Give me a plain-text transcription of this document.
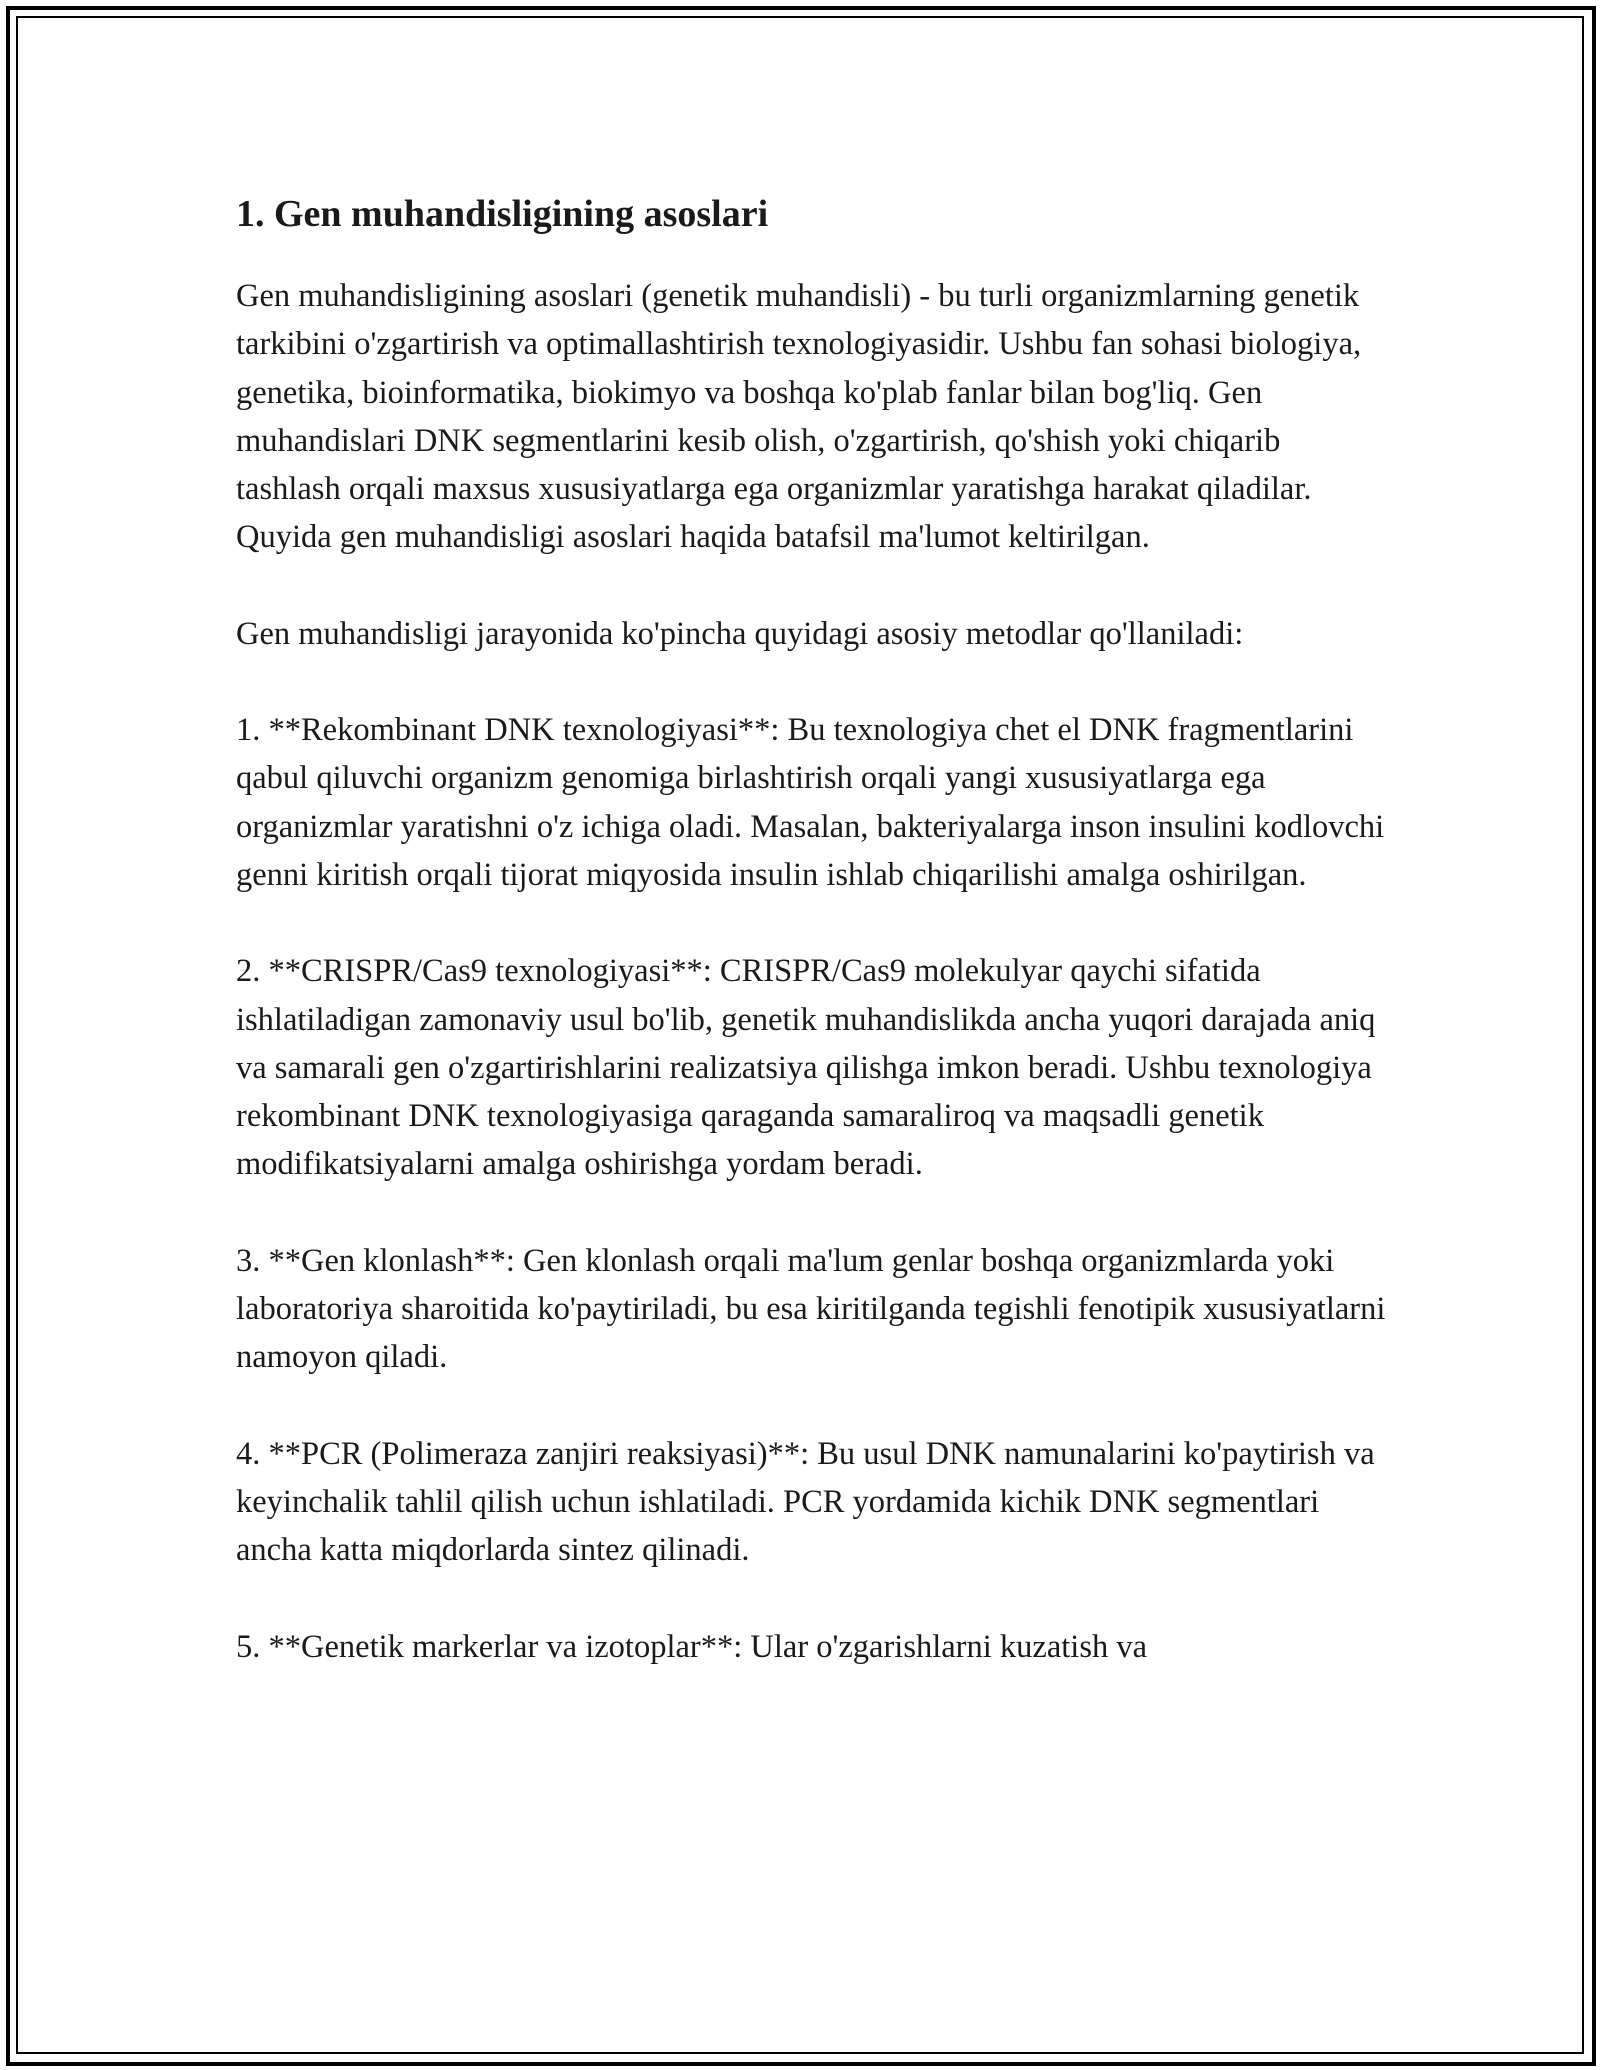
1. Gen muhandisligining asoslari

Gen muhandisligining asoslari (genetik muhandisli) - bu turli organizmlarning genetik tarkibini o'zgartirish va optimallashtirish texnologiyasidir. Ushbu fan sohasi biologiya, genetika, bioinformatika, biokimyo va boshqa ko'plab fanlar bilan bog'liq. Gen muhandislari DNK segmentlarini kesib olish, o'zgartirish, qo'shish yoki chiqarib tashlash orqali maxsus xususiyatlarga ega organizmlar yaratishga harakat qiladilar. Quyida gen muhandisligi asoslari haqida batafsil ma'lumot keltirilgan.

Gen muhandisligi jarayonida ko'pincha quyidagi asosiy metodlar qo'llaniladi:

1. **Rekombinant DNK texnologiyasi**: Bu texnologiya chet el DNK fragmentlarini qabul qiluvchi organizm genomiga birlashtirish orqali yangi xususiyatlarga ega organizmlar yaratishni o'z ichiga oladi. Masalan, bakteriyalarga inson insulini kodlovchi genni kiritish orqali tijorat miqyosida insulin ishlab chiqarilishi amalga oshirilgan.

2. **CRISPR/Cas9 texnologiyasi**: CRISPR/Cas9 molekulyar qaychi sifatida ishlatiladigan zamonaviy usul bo'lib, genetik muhandislikda ancha yuqori darajada aniq va samarali gen o'zgartirishlarini realizatsiya qilishga imkon beradi. Ushbu texnologiya rekombinant DNK texnologiyasiga qaraganda samaraliroq va maqsadli genetik modifikatsiyalarni amalga oshirishga yordam beradi.

3. **Gen klonlash**: Gen klonlash orqali ma'lum genlar boshqa organizmlarda yoki laboratoriya sharoitida ko'paytiriladi, bu esa kiritilganda tegishli fenotipik xususiyatlarni namoyon qiladi.

4. **PCR (Polimeraza zanjiri reaksiyasi)**: Bu usul DNK namunalarini ko'paytirish va keyinchalik tahlil qilish uchun ishlatiladi. PCR yordamida kichik DNK segmentlari ancha katta miqdorlarda sintez qilinadi.

5. **Genetik markerlar va izotoplar**: Ular o'zgarishlarni kuzatish va
